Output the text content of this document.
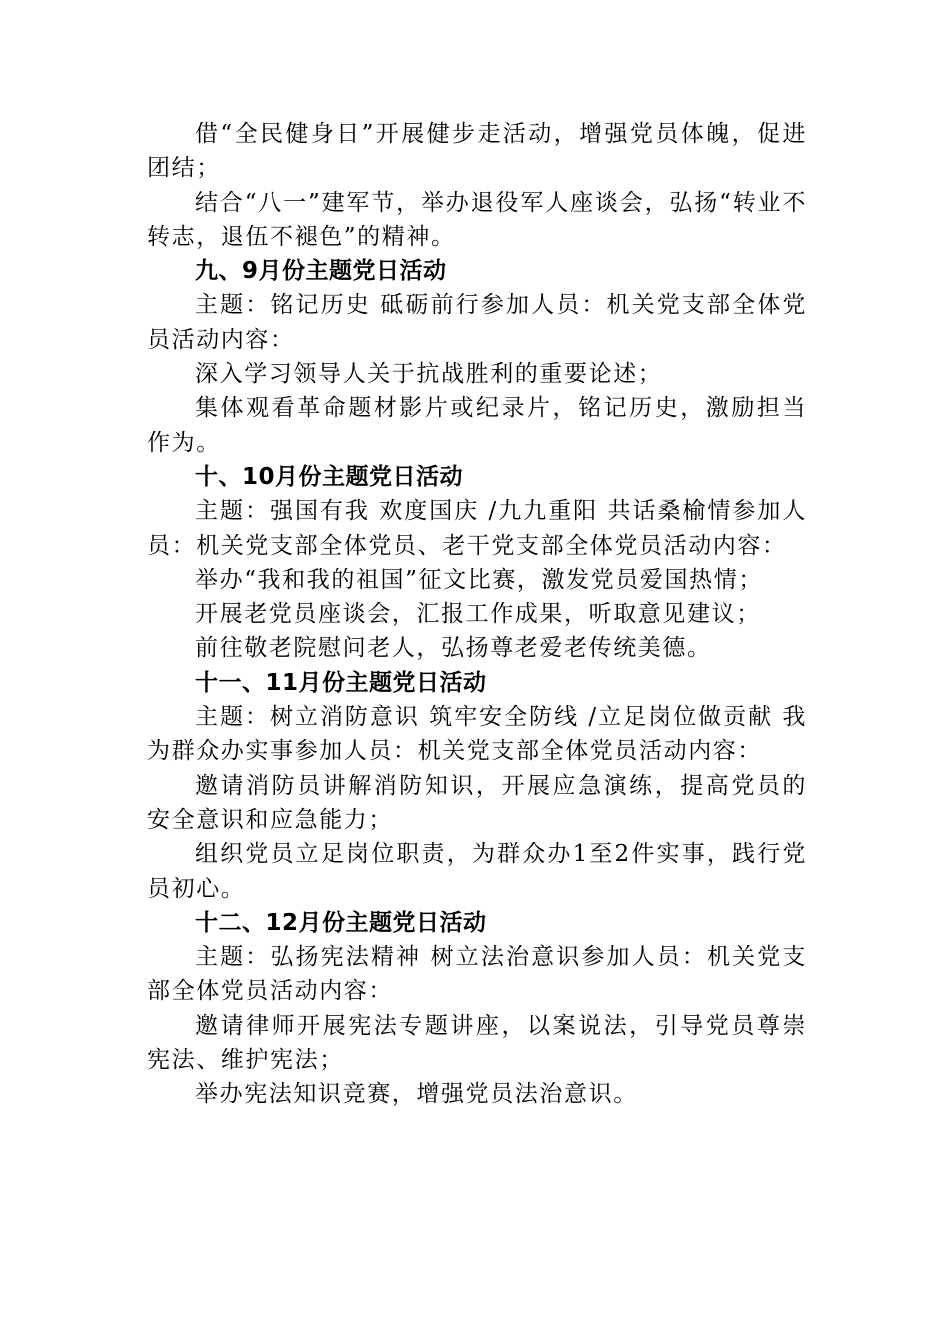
借“全民健身日”开展健步走活动，增强党员体魄，促进团结；

结合“八一”建军节，举办退役军人座谈会，弘扬“转业不转志，退伍不褪色”的精神。

九、9月份主题党日活动

主题：铭记历史 砥砺前行参加人员：机关党支部全体党员活动内容：

深入学习领导人关于抗战胜利的重要论述；

集体观看革命题材影片或纪录片，铭记历史，激励担当作为。

十、10月份主题党日活动

主题：强国有我 欢度国庆 /九九重阳 共话桑榆情参加人员：机关党支部全体党员、老干党支部全体党员活动内容：

举办“我和我的祖国”征文比赛，激发党员爱国热情；

开展老党员座谈会，汇报工作成果，听取意见建议；

前往敬老院慰问老人，弘扬尊老爱老传统美德。

十一、11月份主题党日活动

主题：树立消防意识 筑牢安全防线 /立足岗位做贡献 我为群众办实事参加人员：机关党支部全体党员活动内容：

邀请消防员讲解消防知识，开展应急演练，提高党员的安全意识和应急能力；

组织党员立足岗位职责，为群众办1至2件实事，践行党员初心。

十二、12月份主题党日活动

主题：弘扬宪法精神 树立法治意识参加人员：机关党支部全体党员活动内容：

邀请律师开展宪法专题讲座，以案说法，引导党员尊崇宪法、维护宪法；

举办宪法知识竞赛，增强党员法治意识。
